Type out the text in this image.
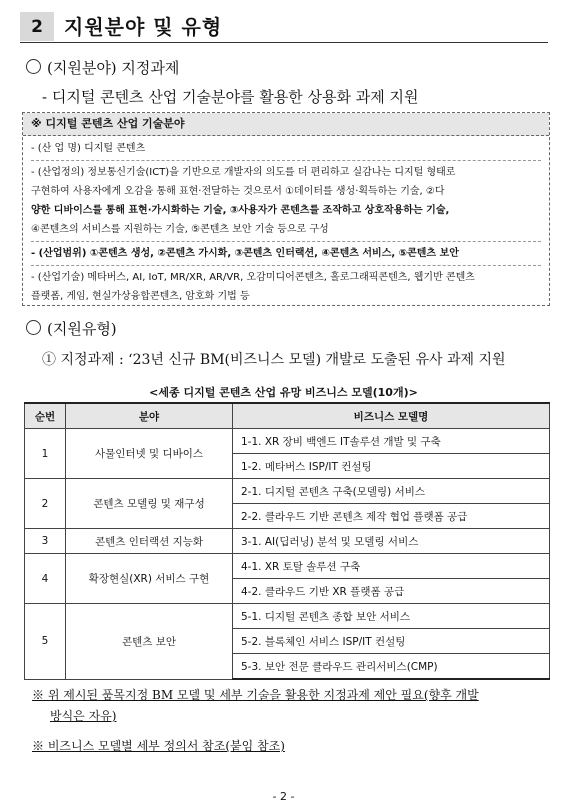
2	지원분야 및 유형
(지원분야) 지정과제
- 디지털 콘텐츠 산업 기술분야를 활용한 상용화 과제 지원
※ 디지털 콘텐츠 산업 기술분야

- (산 업 명) 디지털 콘텐츠

- (산업정의) 정보통신기술(ICT)을 기반으로 개발자의 의도를 더 편리하고 실감나는 디지털 형태로

구현하여 사용자에게 오감을 통해 표현·전달하는 것으로서 ①데이터를 생성·획득하는 기술, ②다

양한 디바이스를 통해 표현·가시화하는 기술, ③사용자가 콘텐츠를 조작하고 상호작용하는 기술,

④콘텐츠의 서비스를 지원하는 기술, ⑤콘텐츠 보안 기술 등으로 구성

- (산업범위) ①콘텐츠 생성, ②콘텐츠 가시화, ③콘텐츠 인터랙션, ④콘텐츠 서비스, ⑤콘텐츠 보안

- (산업기술) 메타버스, AI, IoT, MR/XR, AR/VR, 오감미디어콘텐츠, 홀로그래픽콘텐츠, 웹기반 콘텐츠

플랫폼, 게임, 현실가상융합콘텐츠, 암호화 기법 등

(지원유형)
① 지정과제 : ‘23년 신규 BM(비즈니스 모델) 개발로 도출된 유사 과제 지원
<세종 디지털 콘텐츠 산업 유망 비즈니스 모델(10개)>
순번	분야	비즈니스 모델명
1	사물인터넷 및 디바이스	1-1. XR 장비 백엔드 IT솔루션 개발 및 구축
		1-2. 메타버스 ISP/IT 컨설팅
2	콘텐츠 모델링 및 재구성	2-1. 디지털 콘텐츠 구축(모델링) 서비스
		2-2. 클라우드 기반 콘텐츠 제작 협업 플랫폼 공급
3	콘텐츠 인터랙션 지능화	3-1. AI(딥러닝) 분석 및 모델링 서비스
4	확장현실(XR) 서비스 구현	4-1. XR 토탈 솔루션 구축
		4-2. 클라우드 기반 XR 플랫폼 공급
5	콘텐츠 보안	5-1. 디지털 콘텐츠 종합 보안 서비스
		5-2. 블록체인 서비스 ISP/IT 컨설팅
		5-3. 보안 전문 클라우드 관리서비스(CMP)
※ 위 제시된 품목지정 BM 모델 및 세부 기술을 활용한 지정과제 제안 필요(향후 개발
방식은 자유)
※ 비즈니스 모델별 세부 정의서 참조(붙임 참조)
- 2 -
